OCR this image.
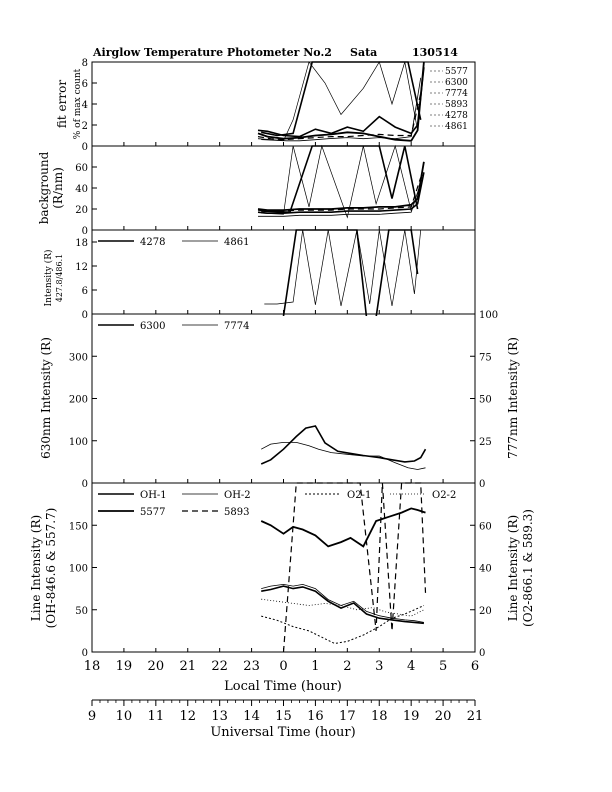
Airglow Temperature Photometer No.2 Sata	130514
fit error % of max count
background (R/nm)
Intensity (R) 427.8/486.1
630nm Intensity (R)	777nm Intensity (R)
Line Intensity (R) (OH-846.6 & 557.7)	Line Intensity (R) (O2-866.1 & 589.3)
Local Time (hour)
Universal Time (hour)
0
2
4
6
8
5577
6300
7774
5893
4278
4861
0
20
40
60
0
6
12
18
0
100
200
300
0
25
50
75
100
0
50
100
150
0
20
40
60
4278	4861
6300	7774
OH-1	OH-2	O2-1	O2-2
5577	5893
18 19 20 21 22 23 0 1 2 3 4 5 6
9 10 11 12 13 14 15 16 17 18 19 20 21
